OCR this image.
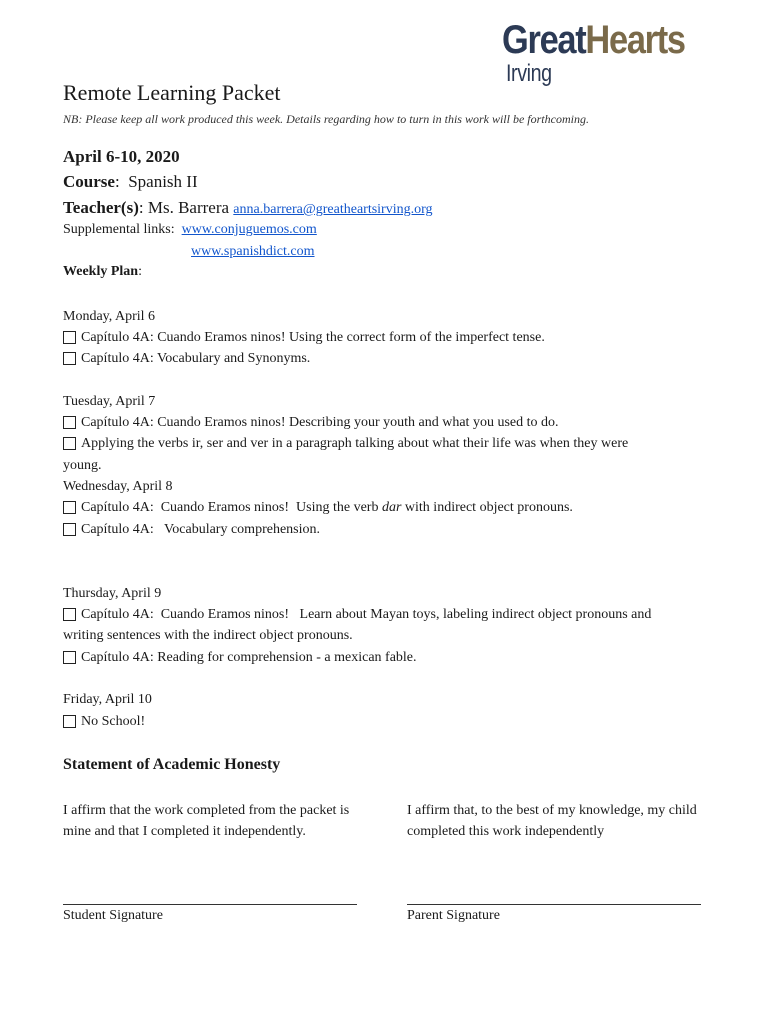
GreatHearts
Irving
Remote Learning Packet
NB: Please keep all work produced this week. Details regarding how to turn in this work will be forthcoming.
April 6-10, 2020
Course:  Spanish II
Teacher(s): Ms. Barrera anna.barrera@greatheartsirving.org
Supplemental links: www.conjuguemos.com
www.spanishdict.com
Weekly Plan:
Monday, April 6
Capítulo 4A: Cuando Eramos ninos! Using the correct form of the imperfect tense.
Capítulo 4A: Vocabulary and Synonyms.
Tuesday, April 7
Capítulo 4A: Cuando Eramos ninos! Describing your youth and what you used to do.
Applying the verbs ir, ser and ver in a paragraph talking about what their life was when they were
young.
Wednesday, April 8
Capítulo 4A:  Cuando Eramos ninos!  Using the verb dar with indirect object pronouns.
Capítulo 4A:   Vocabulary comprehension.
Thursday, April 9
Capítulo 4A:  Cuando Eramos ninos!   Learn about Mayan toys, labeling indirect object pronouns and
writing sentences with the indirect object pronouns.
Capítulo 4A: Reading for comprehension - a mexican fable.
Friday, April 10
No School!
Statement of Academic Honesty
I affirm that the work completed from the packet is mine and that I completed it independently.
I affirm that, to the best of my knowledge, my child completed this work independently
Student Signature	Parent Signature
